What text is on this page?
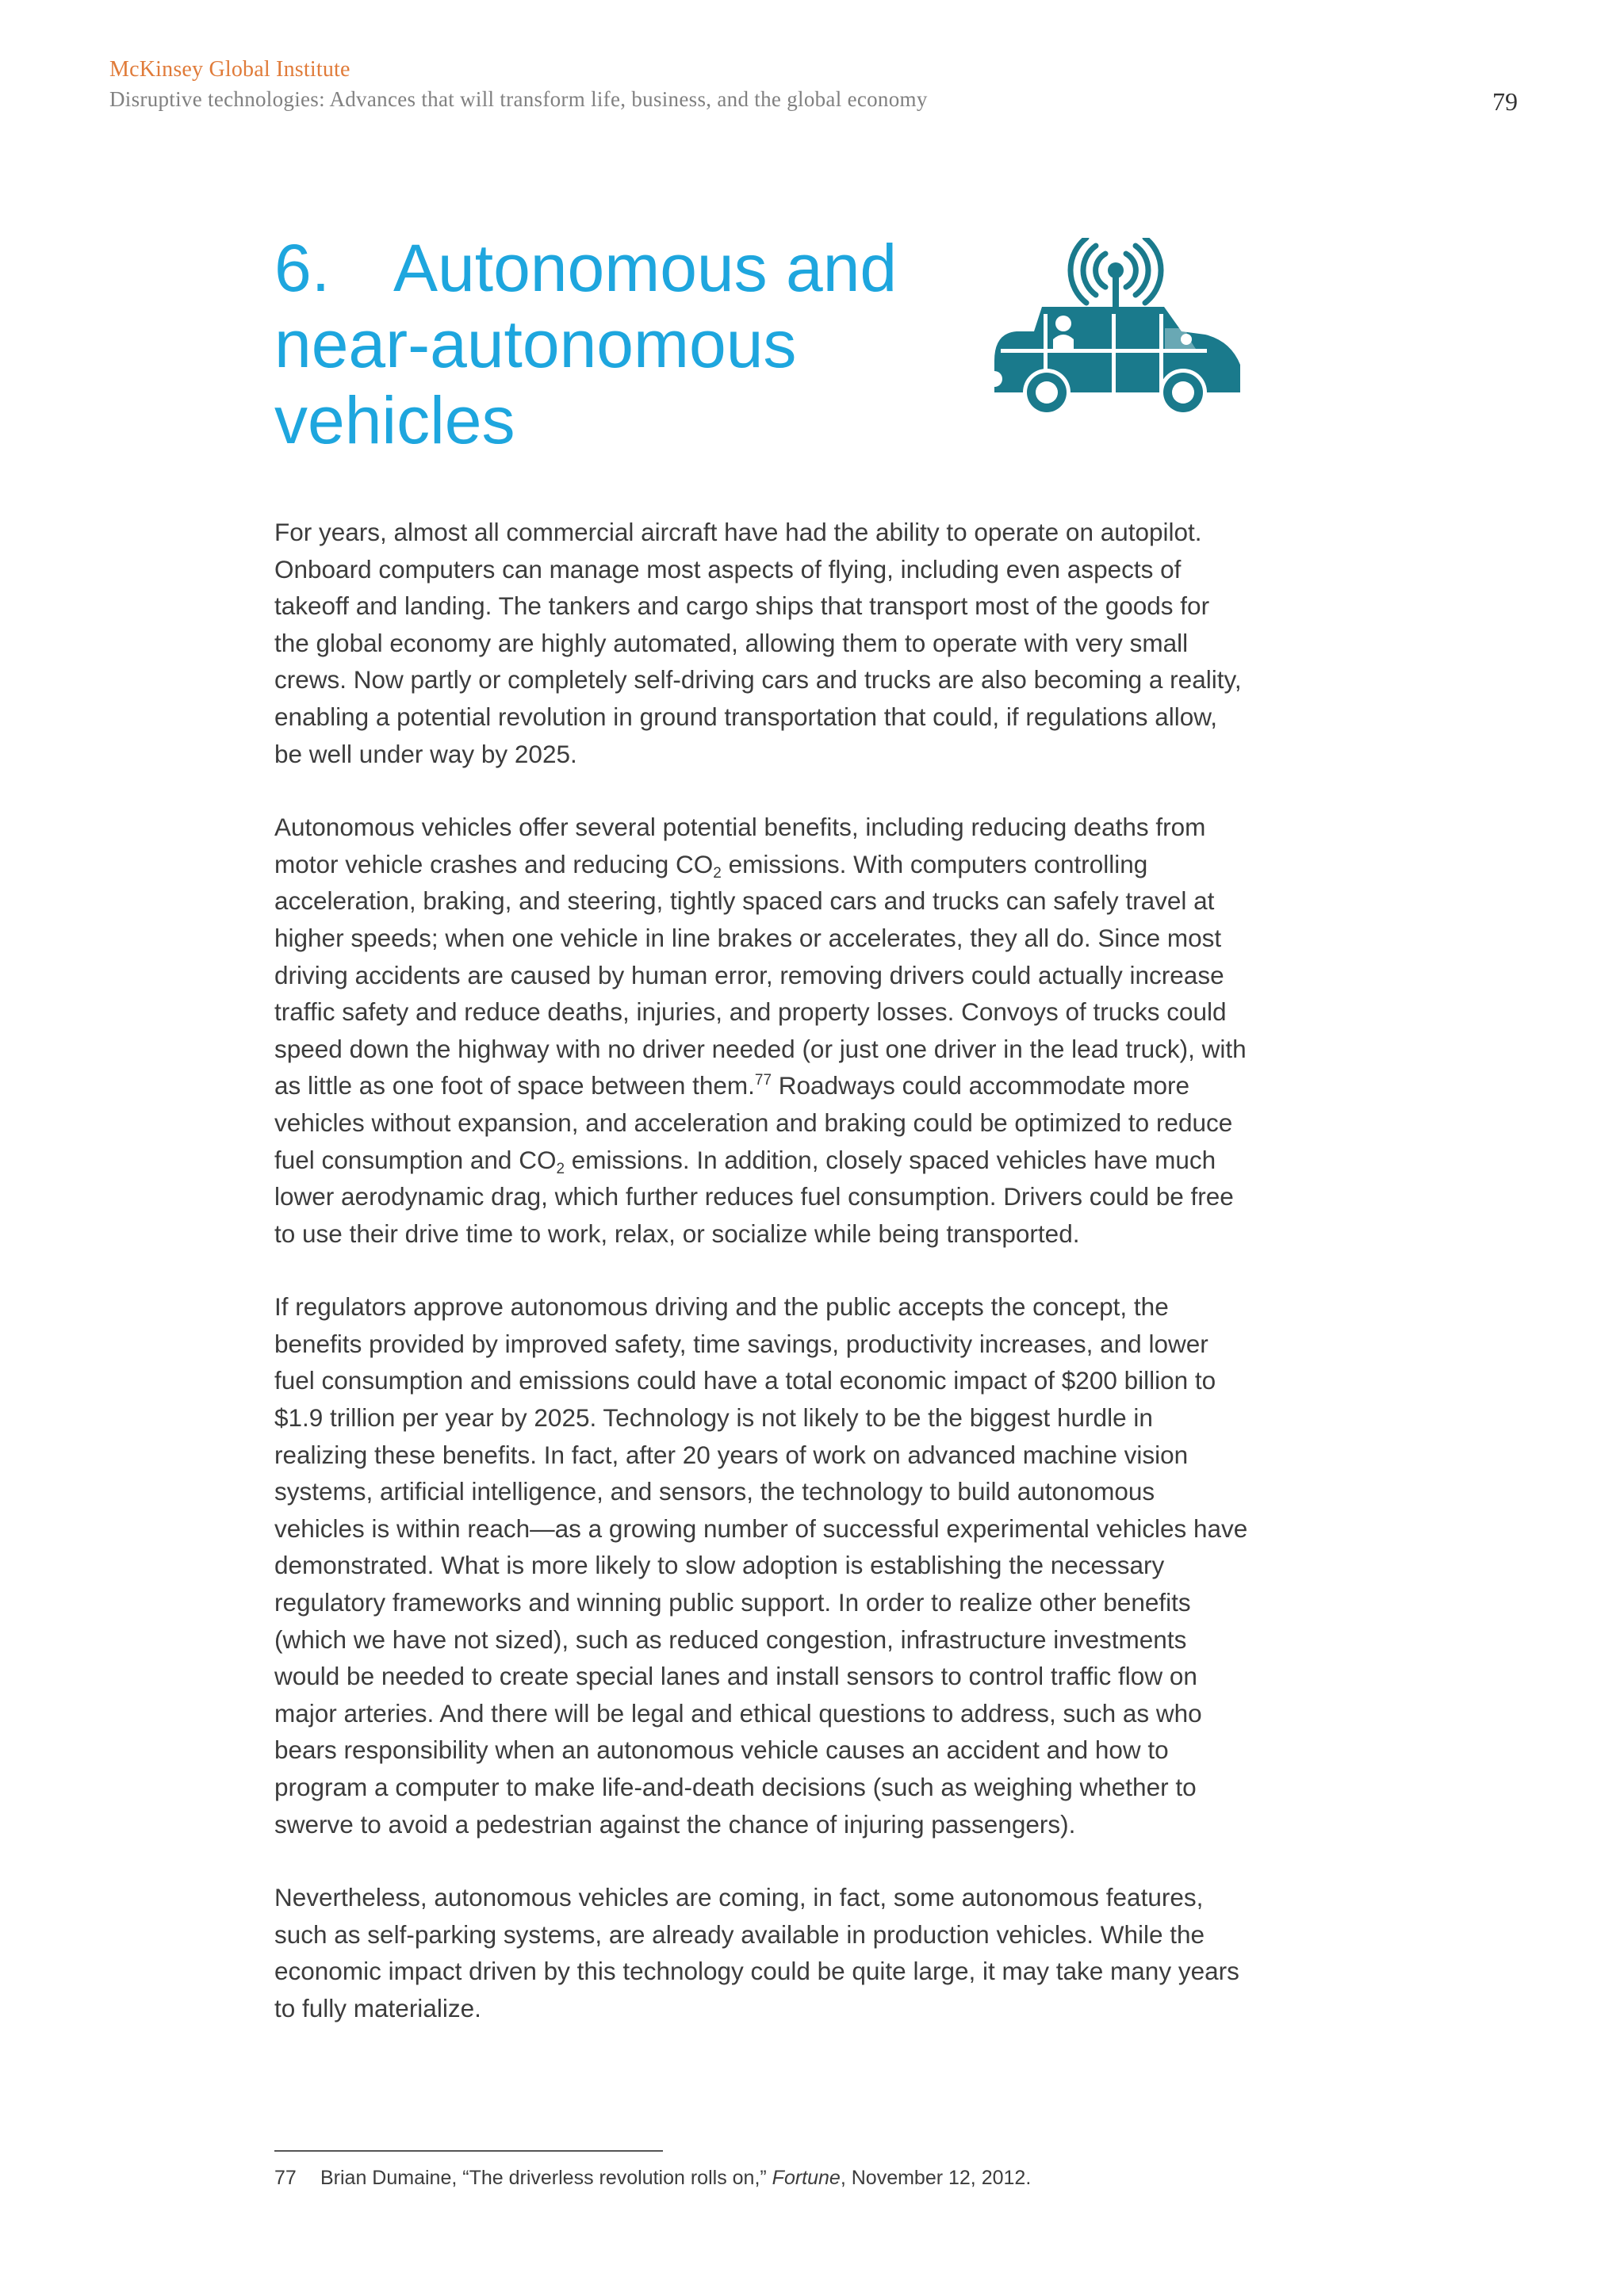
McKinsey Global Institute
Disruptive technologies: Advances that will transform life, business, and the global economy	79
6. Autonomous and
near-autonomous
vehicles

For years, almost all commercial aircraft have had the ability to operate on autopilot. Onboard computers can manage most aspects of flying, including even aspects of takeoff and landing. The tankers and cargo ships that transport most of the goods for the global economy are highly automated, allowing them to operate with very small crews. Now partly or completely self-driving cars and trucks are also becoming a reality, enabling a potential revolution in ground transportation that could, if regulations allow, be well under way by 2025.

Autonomous vehicles offer several potential benefits, including reducing deaths from motor vehicle crashes and reducing $CO_2$ emissions. With computers controlling acceleration, braking, and steering, tightly spaced cars and trucks can safely travel at higher speeds; when one vehicle in line brakes or accelerates, they all do. Since most driving accidents are caused by human error, removing drivers could actually increase traffic safety and reduce deaths, injuries, and property losses. Convoys of trucks could speed down the highway with no driver needed (or just one driver in the lead truck), with as little as one foot of space between them.$^{77}$ Roadways could accommodate more vehicles without expansion, and acceleration and braking could be optimized to reduce fuel consumption and $CO_2$ emissions. In addition, closely spaced vehicles have much lower aerodynamic drag, which further reduces fuel consumption. Drivers could be free to use their drive time to work, relax, or socialize while being transported.

If regulators approve autonomous driving and the public accepts the concept, the benefits provided by improved safety, time savings, productivity increases, and lower fuel consumption and emissions could have a total economic impact of $200 billion to $1.9 trillion per year by 2025. Technology is not likely to be the biggest hurdle in realizing these benefits. In fact, after 20 years of work on advanced machine vision systems, artificial intelligence, and sensors, the technology to build autonomous vehicles is within reach—as a growing number of successful experimental vehicles have demonstrated. What is more likely to slow adoption is establishing the necessary regulatory frameworks and winning public support. In order to realize other benefits (which we have not sized), such as reduced congestion, infrastructure investments would be needed to create special lanes and install sensors to control traffic flow on major arteries. And there will be legal and ethical questions to address, such as who bears responsibility when an autonomous vehicle causes an accident and how to program a computer to make life-and-death decisions (such as weighing whether to swerve to avoid a pedestrian against the chance of injuring passengers).

Nevertheless, autonomous vehicles are coming, in fact, some autonomous features, such as self-parking systems, are already available in production vehicles. While the economic impact driven by this technology could be quite large, it may take many years to fully materialize.

77 Brian Dumaine, “The driverless revolution rolls on,” Fortune, November 12, 2012.
